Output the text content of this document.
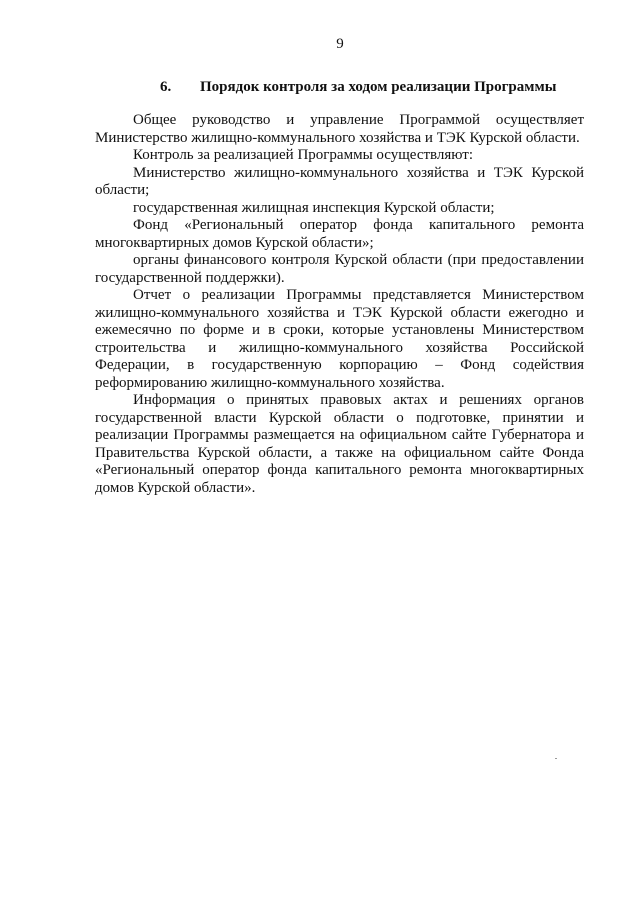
9
6. Порядок контроля за ходом реализации Программы

Общее руководство и управление Программой осуществляет Министерство жилищно-коммунального хозяйства и ТЭК Курской области.

Контроль за реализацией Программы осуществляют:

Министерство жилищно-коммунального хозяйства и ТЭК Курской области;

государственная жилищная инспекция Курской области;

Фонд «Региональный оператор фонда капитального ремонта многоквартирных домов Курской области»;

органы финансового контроля Курской области (при предоставлении государственной поддержки).

Отчет о реализации Программы представляется Министерством жилищно-коммунального хозяйства и ТЭК Курской области ежегодно и ежемесячно по форме и в сроки, которые установлены Министерством строительства и жилищно-коммунального хозяйства Российской Федерации, в государственную корпорацию – Фонд содействия реформированию жилищно-коммунального хозяйства.

Информация о принятых правовых актах и решениях органов государственной власти Курской области о подготовке, принятии и реализации Программы размещается на официальном сайте Губернатора и Правительства Курской области, а также на официальном сайте Фонда «Региональный оператор фонда капитального ремонта многоквартирных домов Курской области».
